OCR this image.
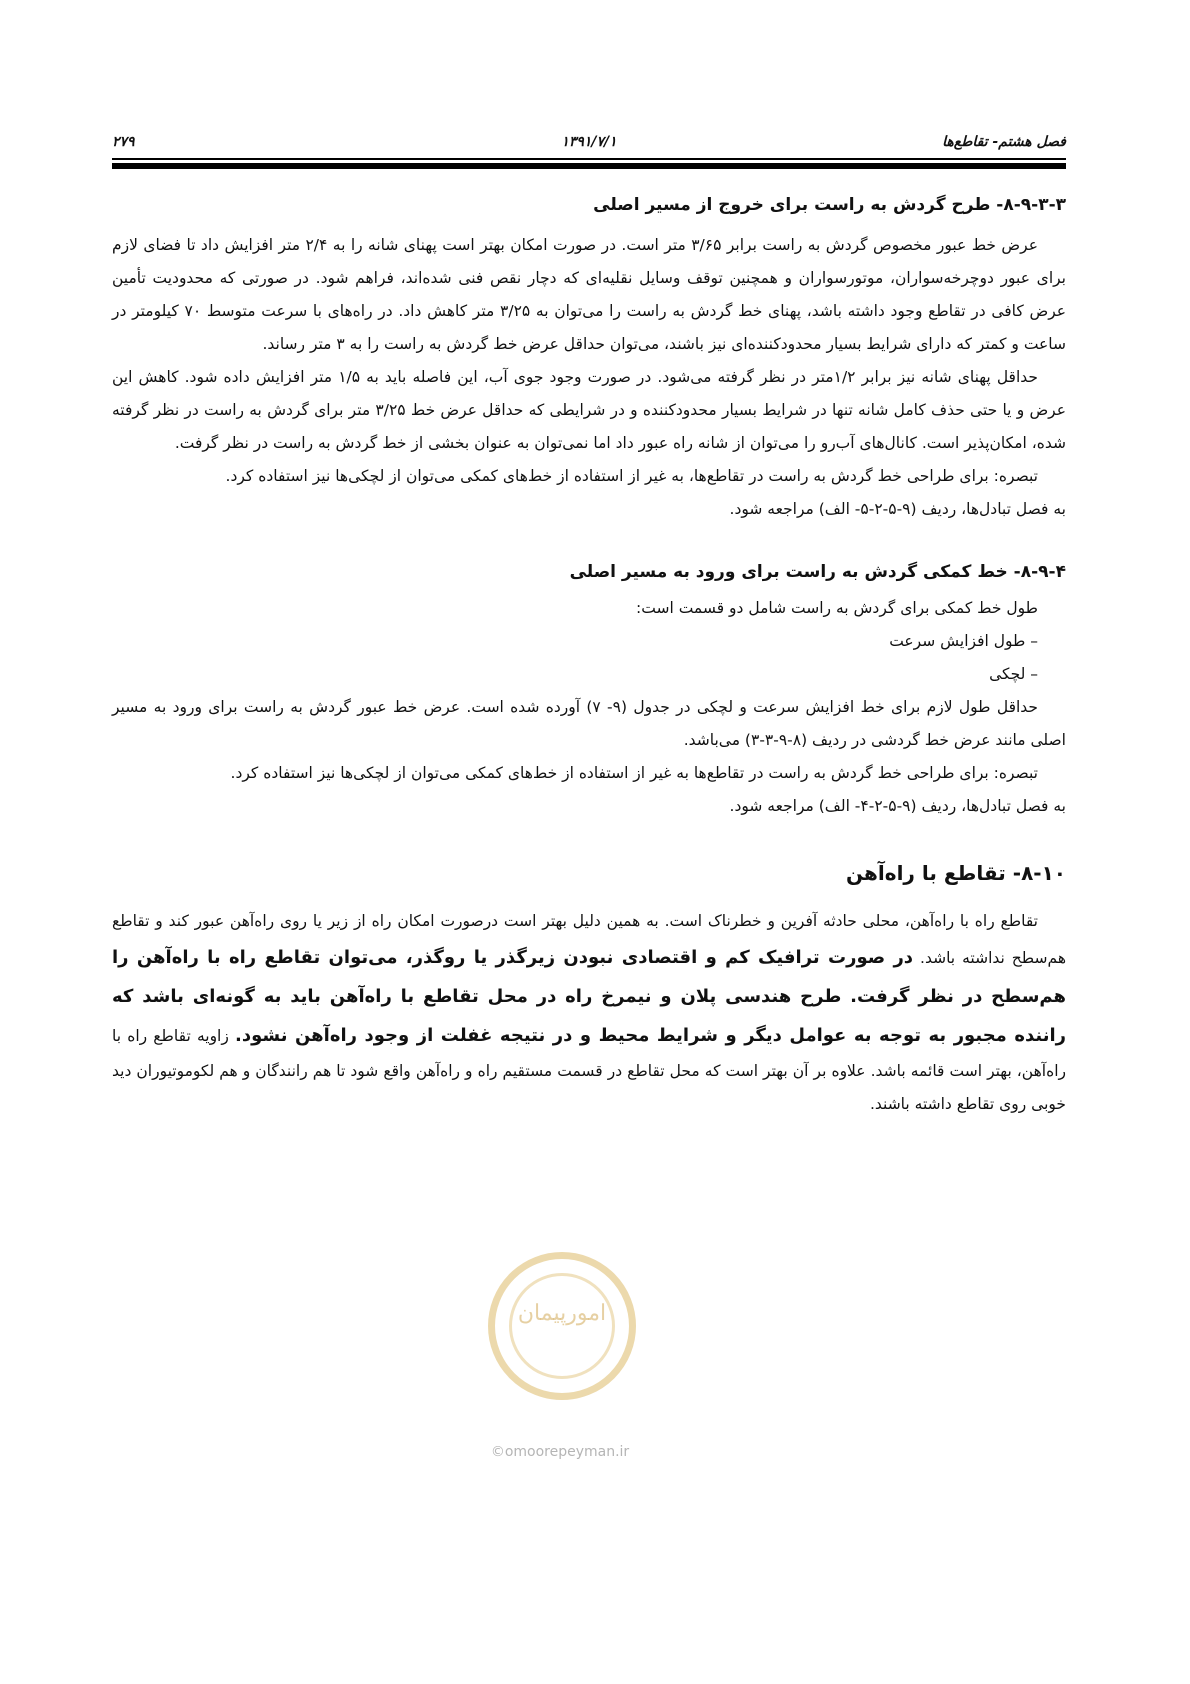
فصل هشتم- تقاطع‌ها
۱۳۹۱/۷/۱
۲۷۹
۸-۹-۳-۳- طرح گردش به راست برای خروج از مسیر اصلی

عرض خط عبور مخصوص گردش به راست برابر ۳/۶۵ متر است. در صورت امکان بهتر است پهنای شانه را به ۲/۴ متر افزایش داد تا فضای لازم برای عبور دوچرخه‌سواران، موتورسواران و همچنین توقف وسایل نقلیه‌ای که دچار نقص فنی شده‌اند، فراهم شود. در صورتی که محدودیت تأمین عرض کافی در تقاطع وجود داشته باشد، پهنای خط گردش به راست را می‌توان به ۳/۲۵ متر کاهش داد. در راه‌های با سرعت متوسط ۷۰ کیلومتر در ساعت و کمتر که دارای شرایط بسیار محدودکننده‌ای نیز باشند، می‌توان حداقل عرض خط گردش به راست را به ۳ متر رساند.

حداقل پهنای شانه نیز برابر ۱/۲متر در نظر گرفته می‌شود. در صورت وجود جوی آب، این فاصله باید به ۱/۵ متر افزایش داده شود. کاهش این عرض و یا حتی حذف کامل شانه تنها در شرایط بسیار محدودکننده و در شرایطی که حداقل عرض خط ۳/۲۵ متر برای گردش به راست در نظر گرفته شده، امکان‌پذیر است. کانال‌های آب‌رو را می‌توان از شانه راه عبور داد اما نمی‌توان به عنوان بخشی از خط گردش به راست در نظر گرفت.

تبصره: برای طراحی خط گردش به راست در تقاطع‌ها، به غیر از استفاده از خط‌های کمکی می‌توان از لچکی‌ها نیز استفاده کرد.

به فصل تبادل‌ها، ردیف (۹-۵-۲-۵- الف) مراجعه شود.

۸-۹-۴- خط کمکی گردش به راست برای ورود به مسیر اصلی

طول خط کمکی برای گردش به راست شامل دو قسمت است:

– طول افزایش سرعت

– لچکی

حداقل طول لازم برای خط افزایش سرعت و لچکی در جدول (۹- ۷) آورده شده است. عرض خط عبور گردش به راست برای ورود به مسیر اصلی مانند عرض خط گردشی در ردیف (۸-۹-۳-۳) می‌باشد.

تبصره: برای طراحی خط گردش به راست در تقاطع‌ها به غیر از استفاده از خط‌های کمکی می‌توان از لچکی‌ها نیز استفاده کرد.

به فصل تبادل‌ها، ردیف (۹-۵-۲-۴- الف) مراجعه شود.

۸-۱۰- تقاطع با راه‌آهن

تقاطع راه با راه‌آهن، محلی حادثه آفرین و خطرناک است. به همین دلیل بهتر است درصورت امکان راه از زیر یا روی راه‌آهن عبور کند و تقاطع هم‌سطح نداشته باشد. در صورت ترافیک کم و اقتصادی نبودن زیرگذر یا روگذر، می‌توان تقاطع راه با راه‌آهن را هم‌سطح در نظر گرفت. طرح هندسی پلان و نیمرخ راه در محل تقاطع با راه‌آهن باید به گونه‌ای باشد که راننده مجبور به توجه به عوامل دیگر و شرایط محیط و در نتیجه غفلت از وجود راه‌آهن نشود. زاویه تقاطع راه با راه‌آهن، بهتر است قائمه باشد. علاوه بر آن بهتر است که محل تقاطع در قسمت مستقیم راه و راه‌آهن واقع شود تا هم رانندگان و هم لکوموتیوران دید خوبی روی تقاطع داشته باشند.

امورپیمان
©omoorepeyman.ir
